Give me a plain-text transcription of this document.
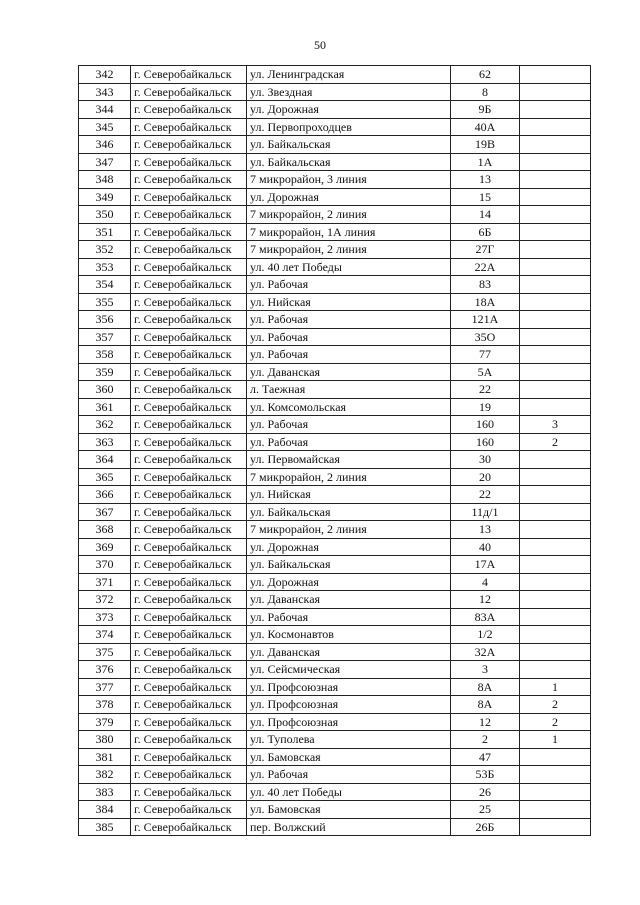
50
342	г. Северобайкальск	ул. Ленинградская	62	
343	г. Северобайкальск	ул. Звездная	8	
344	г. Северобайкальск	ул. Дорожная	9Б	
345	г. Северобайкальск	ул. Первопроходцев	40А	
346	г. Северобайкальск	ул. Байкальская	19В	
347	г. Северобайкальск	ул. Байкальская	1А	
348	г. Северобайкальск	7 микрорайон, 3 линия	13	
349	г. Северобайкальск	ул. Дорожная	15	
350	г. Северобайкальск	7 микрорайон, 2 линия	14	
351	г. Северобайкальск	7 микрорайон, 1А линия	6Б	
352	г. Северобайкальск	7 микрорайон, 2 линия	27Г	
353	г. Северобайкальск	ул. 40 лет Победы	22А	
354	г. Северобайкальск	ул. Рабочая	83	
355	г. Северобайкальск	ул. Нийская	18А	
356	г. Северобайкальск	ул. Рабочая	121А	
357	г. Северобайкальск	ул. Рабочая	35О	
358	г. Северобайкальск	ул. Рабочая	77	
359	г. Северобайкальск	ул. Даванская	5А	
360	г. Северобайкальск	л. Таежная	22	
361	г. Северобайкальск	ул. Комсомольская	19	
362	г. Северобайкальск	ул. Рабочая	160	3
363	г. Северобайкальск	ул. Рабочая	160	2
364	г. Северобайкальск	ул. Первомайская	30	
365	г. Северобайкальск	7 микрорайон, 2 линия	20	
366	г. Северобайкальск	ул. Нийская	22	
367	г. Северобайкальск	ул. Байкальская	11д/1	
368	г. Северобайкальск	7 микрорайон, 2 линия	13	
369	г. Северобайкальск	ул. Дорожная	40	
370	г. Северобайкальск	ул. Байкальская	17А	
371	г. Северобайкальск	ул. Дорожная	4	
372	г. Северобайкальск	ул. Даванская	12	
373	г. Северобайкальск	ул. Рабочая	83А	
374	г. Северобайкальск	ул. Космонавтов	1/2	
375	г. Северобайкальск	ул. Даванская	32А	
376	г. Северобайкальск	ул. Сейсмическая	3	
377	г. Северобайкальск	ул. Профсоюзная	8А	1
378	г. Северобайкальск	ул. Профсоюзная	8А	2
379	г. Северобайкальск	ул. Профсоюзная	12	2
380	г. Северобайкальск	ул. Туполева	2	1
381	г. Северобайкальск	ул. Бамовская	47	
382	г. Северобайкальск	ул. Рабочая	53Б	
383	г. Северобайкальск	ул. 40 лет Победы	26	
384	г. Северобайкальск	ул. Бамовская	25	
385	г. Северобайкальск	пер. Волжский	26Б	
